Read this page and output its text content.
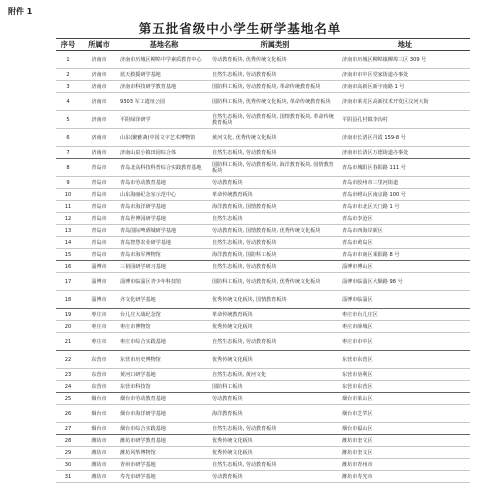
附件 1
第五批省级中小学生研学基地名单
序号	所属市	基地名称	所属类别	地址
1	济南市	济南市历城区柳埠中学素质教育中心	劳动教育板块, 优秀传统文化板块	济南市历城区柳埠镇柳埠三区 309 号
2	济南市	蓝天救援研学基地	自然生态板块, 劳动教育板块	济南市市中区党家街道办事处
3	济南市	济南市科技研学教育基地	国防科工板块, 劳动教育板块, 革命传统教育板块	济南市高新区新宇南路 1 号
4	济南市	9303 军工遗址公园	国防科工板块, 优秀传统文化板块, 革命传统教育板块	济南市莱芜区高新技术开发区汶河大街
5	济南市	平阴绿泽研学	自然生态板块, 劳动教育板块, 国情教育板块, 革命传统教育板块	平阴县孔村镇李沟村
6	济南市	山东(聚雅斋)中国文字艺术博物馆	黄河文化, 优秀传统文化板块	济南市长清区丹霞 159-8 号
7	济南市	济南山泉小镇田园综合体	自然生态板块, 劳动教育板块	济南市长清区万德街道办事处
8	青岛市	青岛北高科技科普综合实践教育基地	国防科工板块, 劳动教育板块, 海洋教育板块, 国情教育板块	青岛市城阳区春阳路 111 号
9	青岛市	青岛市劳动教育基地	劳动教育板块	青岛市胶州市三里河街道
10	青岛市	山东海丽纪念室示范中心	革命传统教育板块	青岛市崂山区南京路 100 号
11	青岛市	青岛市海洋研学基地	海洋教育板块, 国情教育板块	青岛市市北区天门路 1 号
12	青岛市	青岛世博园研学基地	自然生态板块	青岛市李沧区
13	青岛市	青岛国际啤酒城研学基地	劳动教育板块, 国情教育板块, 优秀传统文化板块	青岛市西海岸新区
14	青岛市	青岛智慧农业研学基地	自然生态板块, 劳动教育板块	青岛市黄岛区
15	青岛市	青岛市海军博物馆	海洋教育板块, 国防科工板块	青岛市市南区莱阳路 8 号
16	淄博市	三裕园研学研习基地	自然生态板块, 劳动教育板块	淄博市博山区
17	淄博市	淄博市临淄区青少年科技馆	国防科工板块, 劳动教育板块, 优秀传统文化板块	淄博市临淄区大顺路 98 号
18	淄博市	齐文化研学基地	优秀传统文化板块, 国情教育板块	淄博市临淄区
19	枣庄市	台儿庄大战纪念馆	革命传统教育板块	枣庄市台儿庄区
20	枣庄市	枣庄市博物馆	优秀传统文化板块	枣庄市薛城区
21	枣庄市	枣庄市综合实践基地	自然生态板块, 劳动教育板块	枣庄市市中区
22	东营市	东营市历史博物馆	优秀传统文化板块	东营市东营区
23	东营市	黄河口研学基地	自然生态板块, 黄河文化	东营市垦利区
24	东营市	东营市科技馆	国防科工板块	东营市东营区
25	烟台市	烟台市劳动教育基地	劳动教育板块	烟台市莱山区
26	烟台市	烟台市海洋研学基地	海洋教育板块	烟台市芝罘区
27	烟台市	烟台市综合实践基地	自然生态板块, 劳动教育板块	烟台市福山区
28	潍坊市	潍坊市研学教育基地	优秀传统文化板块	潍坊市奎文区
29	潍坊市	潍坊风筝博物馆	优秀传统文化板块	潍坊市奎文区
30	潍坊市	青州市研学基地	自然生态板块, 劳动教育板块	潍坊市青州市
31	潍坊市	寿光市研学基地	劳动教育板块	潍坊市寿光市
